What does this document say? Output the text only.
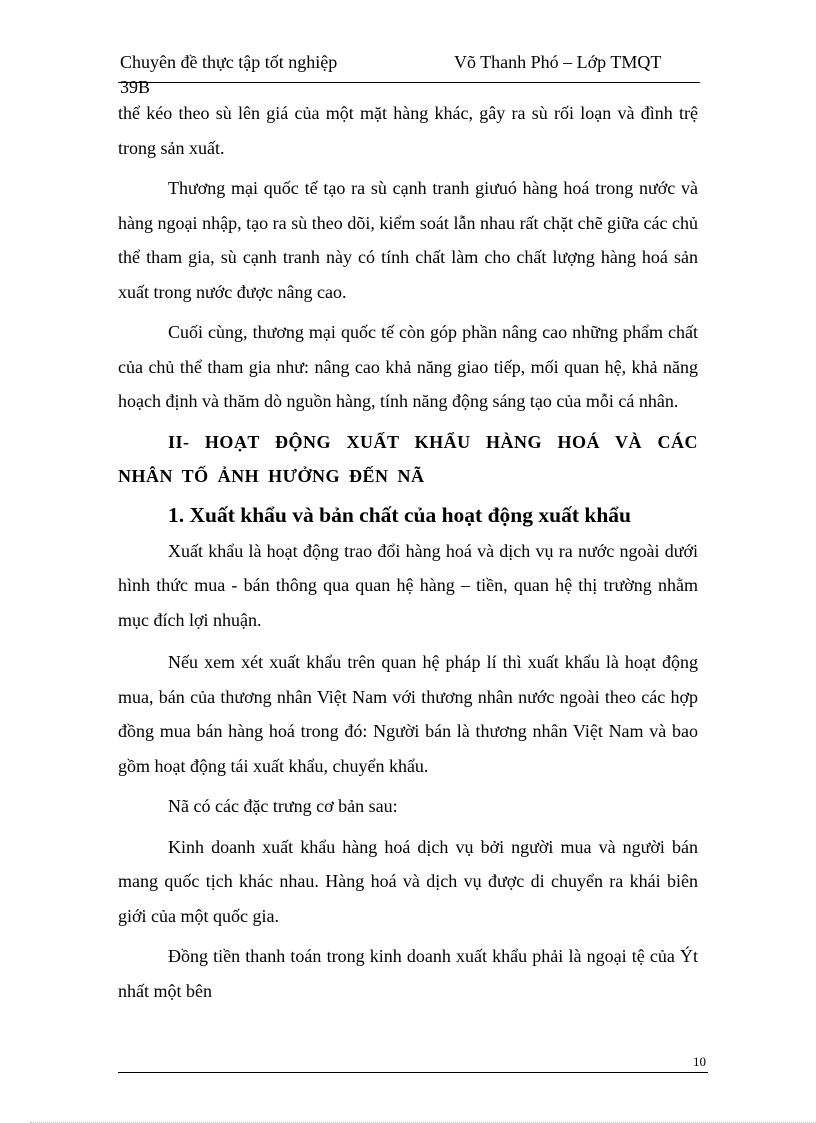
Chuyên đề thực tập tốt nghiệp	Võ Thanh Phó – Lớp TMQT
39B

thể kéo theo sù lên giá của một mặt hàng khác, gây ra sù rối loạn và đình trệ trong sản xuất.

Thương mại quốc tế tạo ra sù cạnh tranh giưuó hàng hoá trong nước và hàng ngoại nhập, tạo ra sù theo dõi, kiểm soát lẫn nhau rất chặt chẽ giữa các chủ thể tham gia, sù cạnh tranh này có tính chất làm cho chất lượng hàng hoá sản xuất trong nước được nâng cao.

Cuối cùng, thương mại quốc tế còn góp phần nâng cao những phẩm chất của chủ thể tham gia như: nâng cao khả năng giao tiếp, mối quan hệ, khả năng hoạch định và thăm dò nguồn hàng, tính năng động sáng tạo của mỗi cá nhân.

II- HOẠT ĐỘNG XUẤT KHẨU HÀNG HOÁ VÀ CÁC NHÂN TỐ ẢNH HƯỞNG ĐẾN NÃ

1. Xuất khẩu và bản chất của hoạt động xuất khẩu

Xuất khẩu là hoạt động trao đổi hàng hoá và dịch vụ ra nước ngoài dưới hình thức mua - bán thông qua quan hệ hàng – tiền, quan hệ thị trường nhằm mục đích lợi nhuận.

Nếu xem xét xuất khẩu trên quan hệ pháp lí thì xuất khẩu là hoạt động mua, bán của thương nhân Việt Nam với thương nhân nước ngoài theo các hợp đồng mua bán hàng hoá trong đó: Người bán là thương nhân Việt Nam và bao gồm hoạt động tái xuất khẩu, chuyển khẩu.

Nã có các đặc trưng cơ bản sau:

Kinh doanh xuất khẩu hàng hoá dịch vụ bởi người mua và người bán mang quốc tịch khác nhau. Hàng hoá và dịch vụ được di chuyển ra khái biên giới của một quốc gia.

Đồng tiền thanh toán trong kinh doanh xuất khẩu phải là ngoại tệ của Ýt nhất một bên

10
